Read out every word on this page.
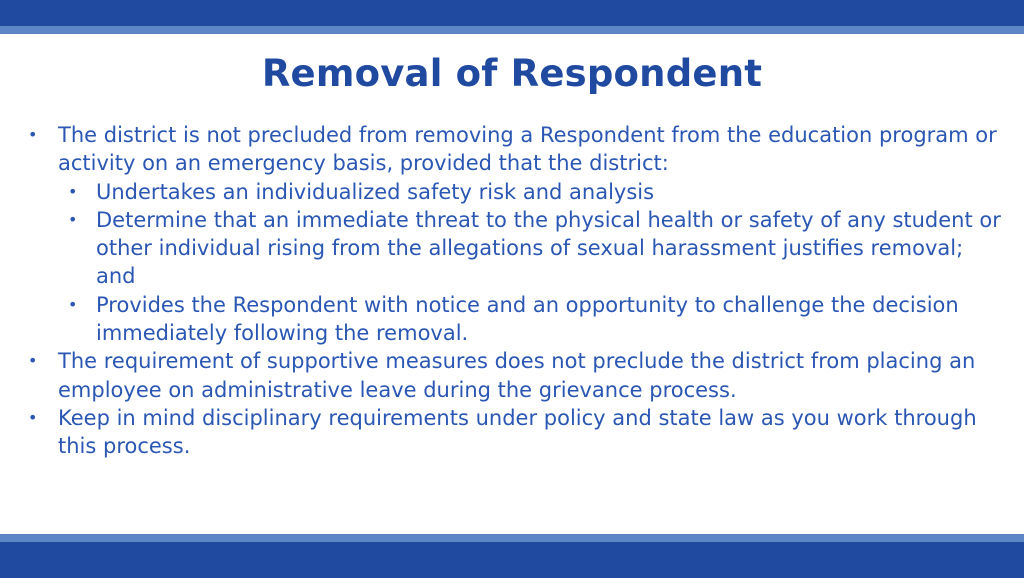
Removal of Respondent
• The district is not precluded from removing a Respondent from the education program or activity on an emergency basis, provided that the district:
• Undertakes an individualized safety risk and analysis
• Determine that an immediate threat to the physical health or safety of any student or other individual rising from the allegations of sexual harassment justifies removal; and
• Provides the Respondent with notice and an opportunity to challenge the decision immediately following the removal.
• The requirement of supportive measures does not preclude the district from placing an employee on administrative leave during the grievance process.
• Keep in mind disciplinary requirements under policy and state law as you work through this process.
